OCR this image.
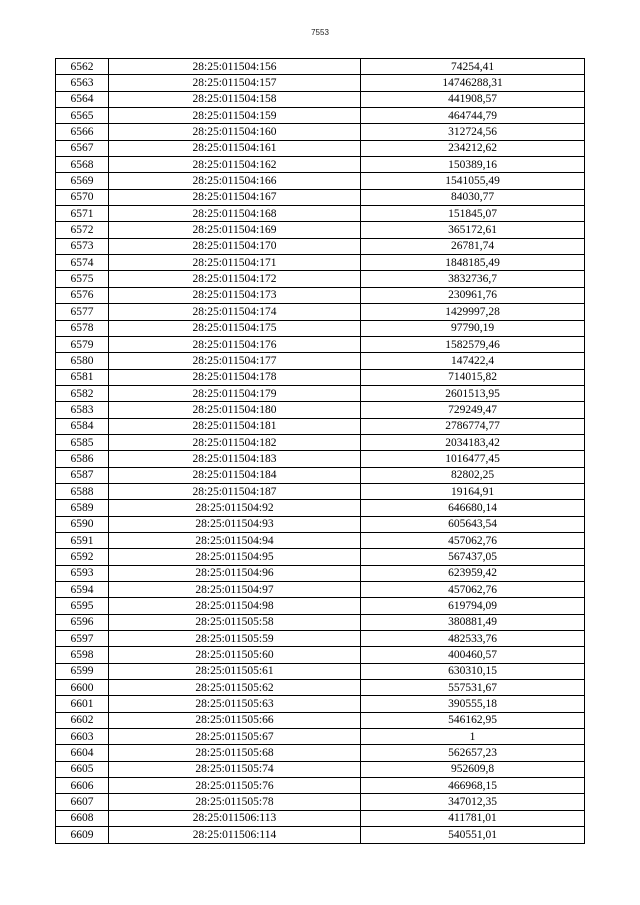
7553
6562	28:25:011504:156	74254,41
6563	28:25:011504:157	14746288,31
6564	28:25:011504:158	441908,57
6565	28:25:011504:159	464744,79
6566	28:25:011504:160	312724,56
6567	28:25:011504:161	234212,62
6568	28:25:011504:162	150389,16
6569	28:25:011504:166	1541055,49
6570	28:25:011504:167	84030,77
6571	28:25:011504:168	151845,07
6572	28:25:011504:169	365172,61
6573	28:25:011504:170	26781,74
6574	28:25:011504:171	1848185,49
6575	28:25:011504:172	3832736,7
6576	28:25:011504:173	230961,76
6577	28:25:011504:174	1429997,28
6578	28:25:011504:175	97790,19
6579	28:25:011504:176	1582579,46
6580	28:25:011504:177	147422,4
6581	28:25:011504:178	714015,82
6582	28:25:011504:179	2601513,95
6583	28:25:011504:180	729249,47
6584	28:25:011504:181	2786774,77
6585	28:25:011504:182	2034183,42
6586	28:25:011504:183	1016477,45
6587	28:25:011504:184	82802,25
6588	28:25:011504:187	19164,91
6589	28:25:011504:92	646680,14
6590	28:25:011504:93	605643,54
6591	28:25:011504:94	457062,76
6592	28:25:011504:95	567437,05
6593	28:25:011504:96	623959,42
6594	28:25:011504:97	457062,76
6595	28:25:011504:98	619794,09
6596	28:25:011505:58	380881,49
6597	28:25:011505:59	482533,76
6598	28:25:011505:60	400460,57
6599	28:25:011505:61	630310,15
6600	28:25:011505:62	557531,67
6601	28:25:011505:63	390555,18
6602	28:25:011505:66	546162,95
6603	28:25:011505:67	1
6604	28:25:011505:68	562657,23
6605	28:25:011505:74	952609,8
6606	28:25:011505:76	466968,15
6607	28:25:011505:78	347012,35
6608	28:25:011506:113	411781,01
6609	28:25:011506:114	540551,01
